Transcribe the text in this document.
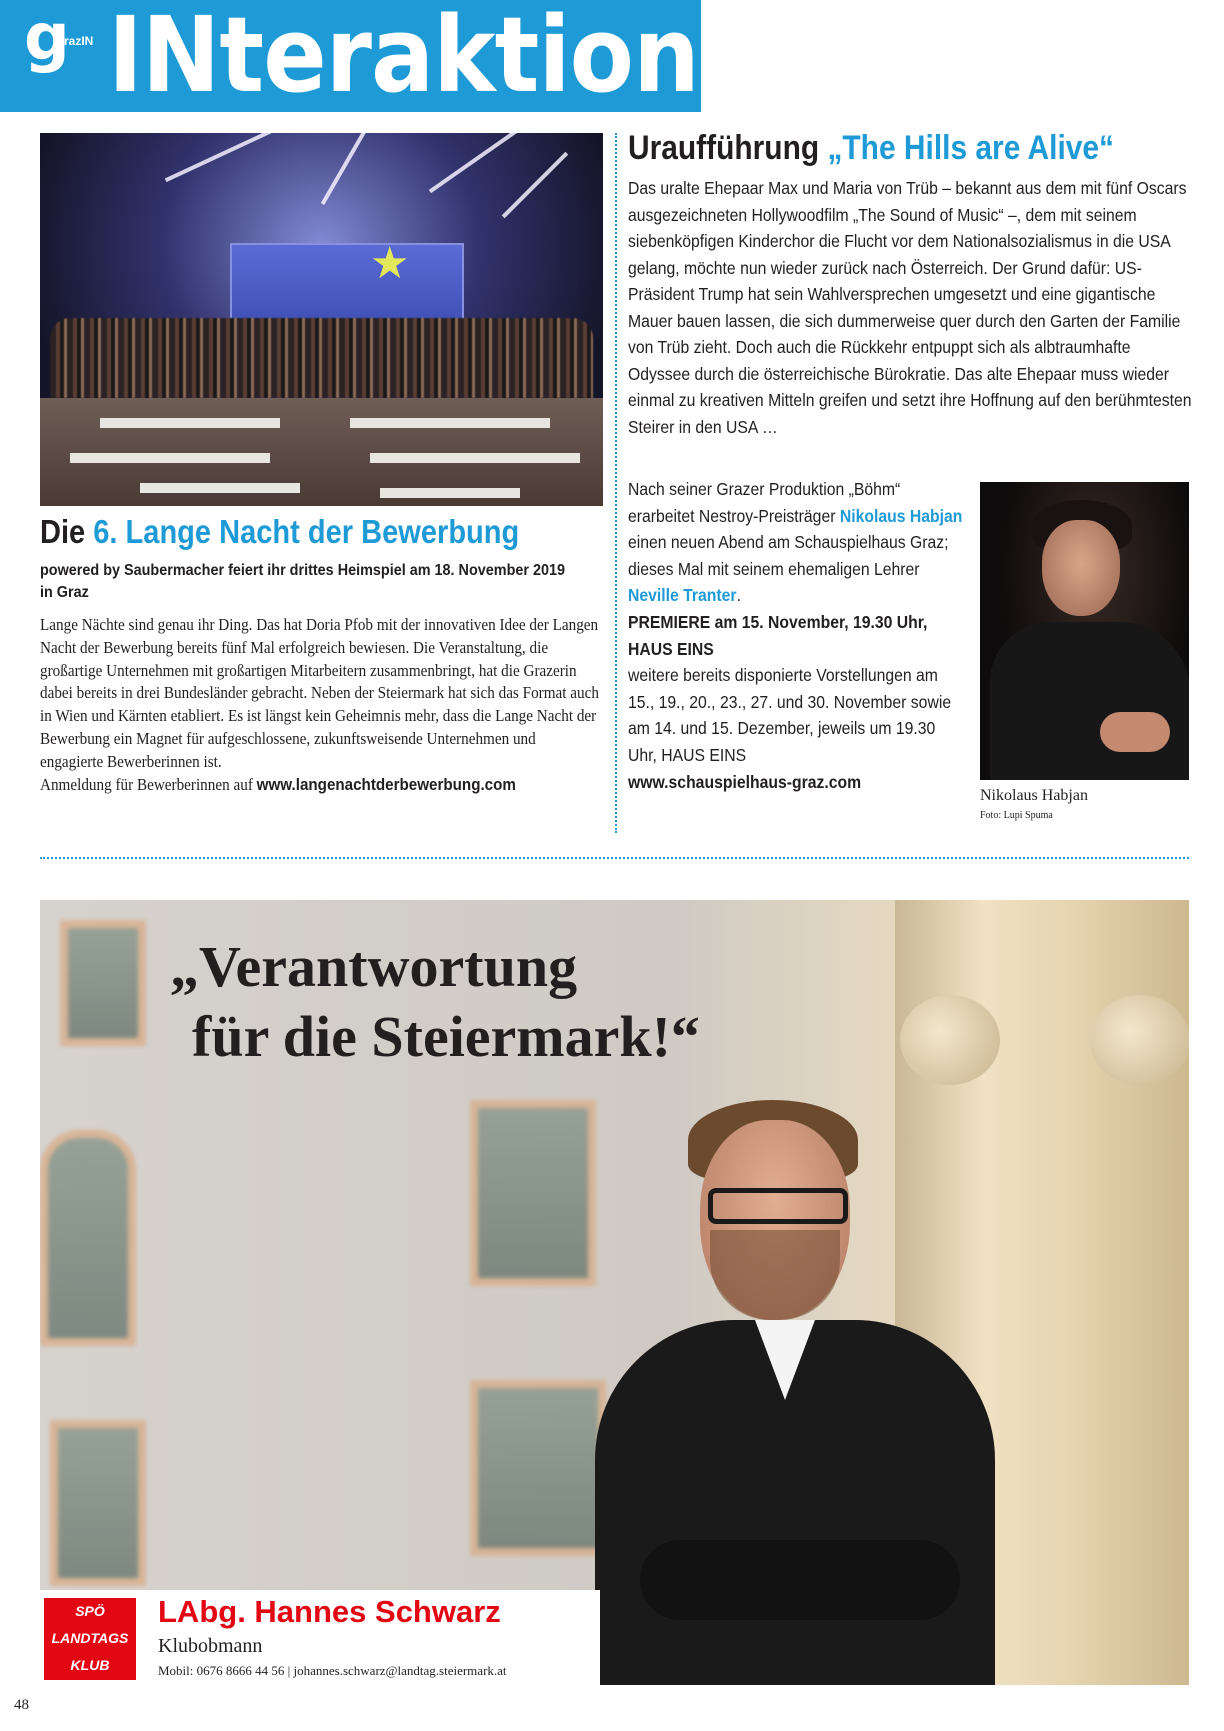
g
razIN INteraktion
★
Die 6. Lange Nacht der Bewerbung
powered by Saubermacher feiert ihr drittes Heimspiel am 18. November 2019 in Graz

Lange Nächte sind genau ihr Ding. Das hat Doria Pfob mit der innovativen Idee der Langen Nacht der Bewerbung bereits fünf Mal erfolgreich bewiesen. Die Veranstaltung, die großartige Unternehmen mit großartigen Mitarbeitern zusammenbringt, hat die Grazerin dabei bereits in drei Bundesländer gebracht. Neben der Steiermark hat sich das Format auch in Wien und Kärnten etabliert. Es ist längst kein Geheimnis mehr, dass die Lange Nacht der Bewerbung ein Magnet für aufgeschlossene, zukunftsweisende Unternehmen und engagierte Bewerberinnen ist.

Anmeldung für Bewerberinnen auf www.langenachtderbewerbung.com

Uraufführung „The Hills are Alive“

Das uralte Ehepaar Max und Maria von Trüb – bekannt aus dem mit fünf Oscars ausgezeichneten Hollywoodfilm „The Sound of Music“ –, dem mit seinem siebenköpfigen Kinderchor die Flucht vor dem Nationalsozialismus in die USA gelang, möchte nun wieder zurück nach Österreich. Der Grund dafür: US-Präsident Trump hat sein Wahlversprechen umgesetzt und eine gigantische Mauer bauen lassen, die sich dummerweise quer durch den Garten der Familie von Trüb zieht. Doch auch die Rückkehr entpuppt sich als albtraumhafte Odyssee durch die österreichische Bürokratie. Das alte Ehepaar muss wieder einmal zu kreativen Mitteln greifen und setzt ihre Hoffnung auf den berühmtesten Steirer in den USA …

Nach seiner Grazer Produktion „Böhm“ erarbeitet Nestroy-Preisträger Nikolaus Habjan einen neuen Abend am Schauspielhaus Graz; dieses Mal mit seinem ehemaligen Lehrer Neville Tranter.

PREMIERE am 15. November, 19.30 Uhr, HAUS EINS

weitere bereits disponierte Vorstellungen am 15., 19., 20., 23., 27. und 30. November sowie am 14. und 15. Dezember, jeweils um 19.30 Uhr, HAUS EINS

www.schauspielhaus-graz.com

Nikolaus Habjan
Foto: Lupi Spuma
„Verantwortung
für die Steiermark!“
SPÖ
LANDTAGS
KLUB
LAbg. Hannes Schwarz
Klubobmann
Mobil: 0676 8666 44 56 | johannes.schwarz@landtag.steiermark.at
48
